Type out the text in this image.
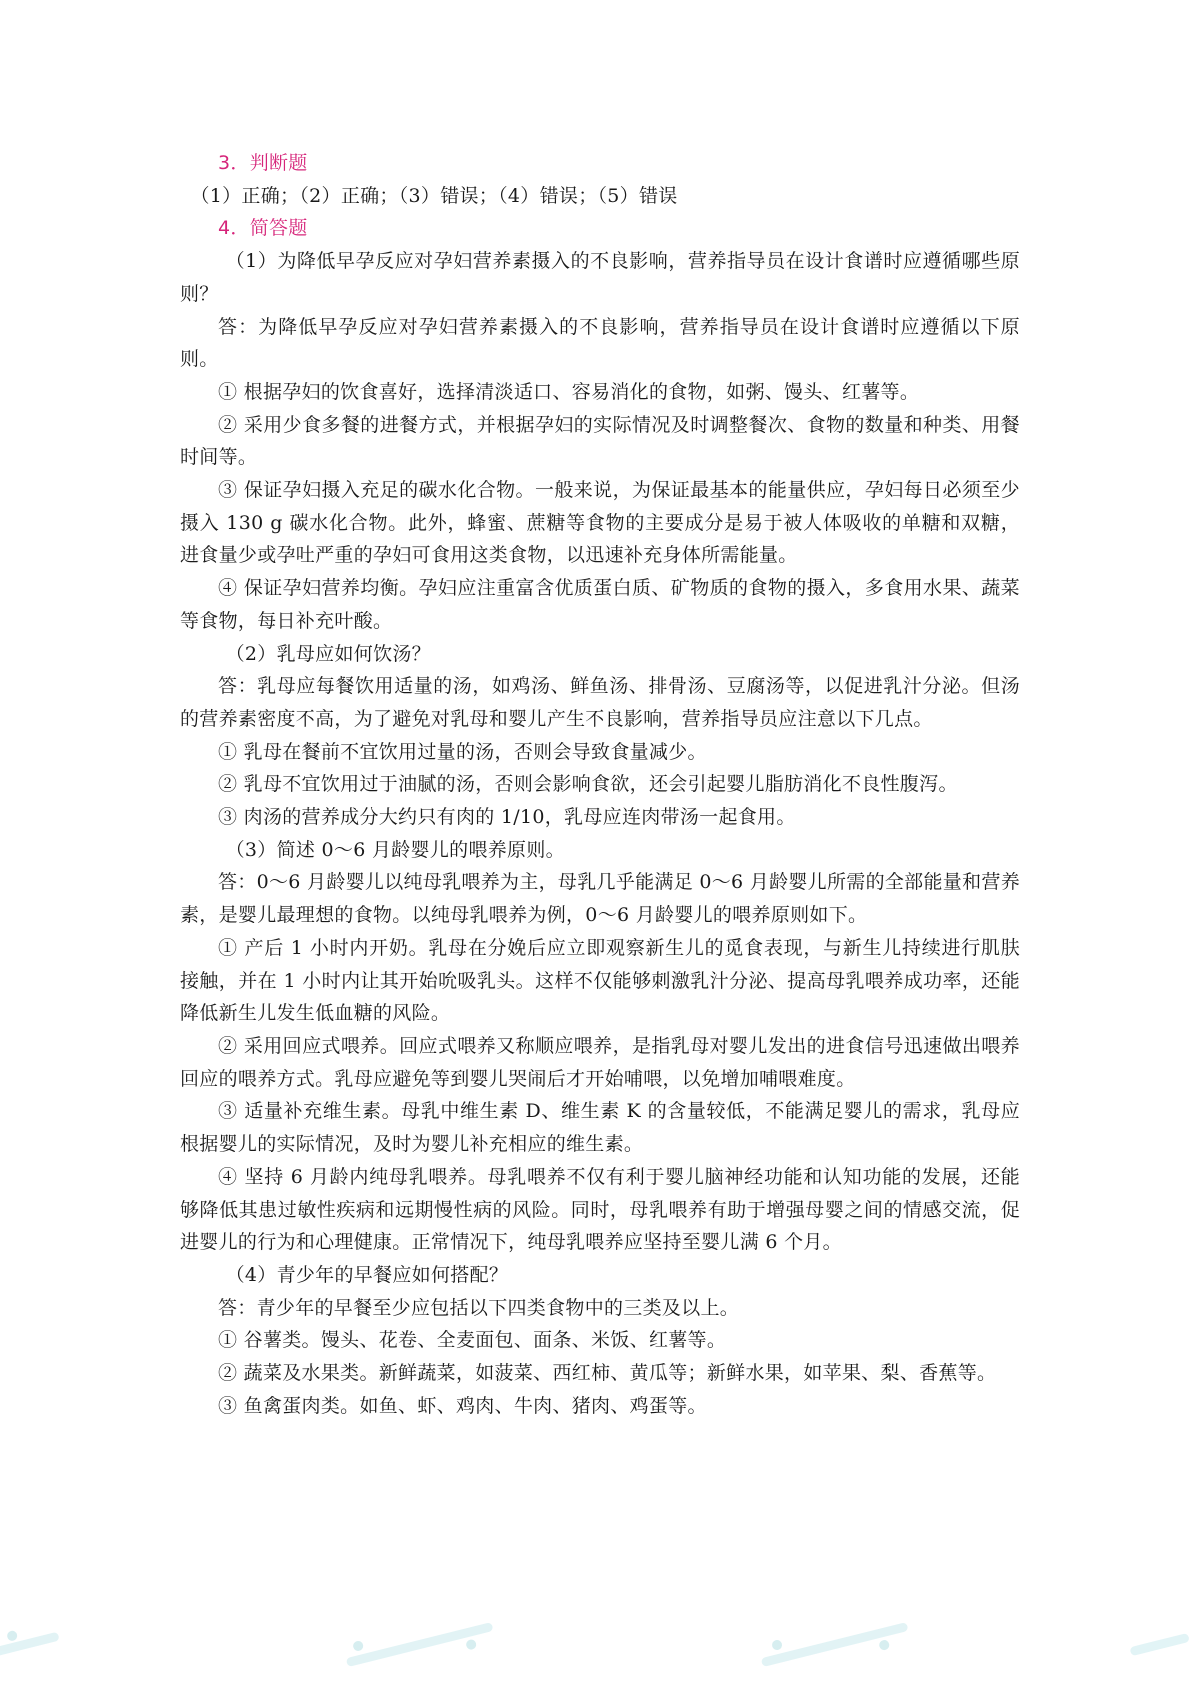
3．判断题

（1）正确；（2）正确；（3）错误；（4）错误；（5）错误

4．简答题

（1）为降低早孕反应对孕妇营养素摄入的不良影响，营养指导员在设计食谱时应遵循哪些原则？

答：为降低早孕反应对孕妇营养素摄入的不良影响，营养指导员在设计食谱时应遵循以下原则。

① 根据孕妇的饮食喜好，选择清淡适口、容易消化的食物，如粥、馒头、红薯等。

② 采用少食多餐的进餐方式，并根据孕妇的实际情况及时调整餐次、食物的数量和种类、用餐时间等。

③ 保证孕妇摄入充足的碳水化合物。一般来说，为保证最基本的能量供应，孕妇每日必须至少摄入 130 g 碳水化合物。此外，蜂蜜、蔗糖等食物的主要成分是易于被人体吸收的单糖和双糖，进食量少或孕吐严重的孕妇可食用这类食物，以迅速补充身体所需能量。

④ 保证孕妇营养均衡。孕妇应注重富含优质蛋白质、矿物质的食物的摄入，多食用水果、蔬菜等食物，每日补充叶酸。

（2）乳母应如何饮汤？

答：乳母应每餐饮用适量的汤，如鸡汤、鲜鱼汤、排骨汤、豆腐汤等，以促进乳汁分泌。但汤的营养素密度不高，为了避免对乳母和婴儿产生不良影响，营养指导员应注意以下几点。

① 乳母在餐前不宜饮用过量的汤，否则会导致食量减少。

② 乳母不宜饮用过于油腻的汤，否则会影响食欲，还会引起婴儿脂肪消化不良性腹泻。

③ 肉汤的营养成分大约只有肉的 1/10，乳母应连肉带汤一起食用。

（3）简述 0～6 月龄婴儿的喂养原则。

答：0～6 月龄婴儿以纯母乳喂养为主，母乳几乎能满足 0～6 月龄婴儿所需的全部能量和营养素，是婴儿最理想的食物。以纯母乳喂养为例，0～6 月龄婴儿的喂养原则如下。

① 产后 1 小时内开奶。乳母在分娩后应立即观察新生儿的觅食表现，与新生儿持续进行肌肤接触，并在 1 小时内让其开始吮吸乳头。这样不仅能够刺激乳汁分泌、提高母乳喂养成功率，还能降低新生儿发生低血糖的风险。

② 采用回应式喂养。回应式喂养又称顺应喂养，是指乳母对婴儿发出的进食信号迅速做出喂养回应的喂养方式。乳母应避免等到婴儿哭闹后才开始哺喂，以免增加哺喂难度。

③ 适量补充维生素。母乳中维生素 D、维生素 K 的含量较低，不能满足婴儿的需求，乳母应根据婴儿的实际情况，及时为婴儿补充相应的维生素。

④ 坚持 6 月龄内纯母乳喂养。母乳喂养不仅有利于婴儿脑神经功能和认知功能的发展，还能够降低其患过敏性疾病和远期慢性病的风险。同时，母乳喂养有助于增强母婴之间的情感交流，促进婴儿的行为和心理健康。正常情况下，纯母乳喂养应坚持至婴儿满 6 个月。

（4）青少年的早餐应如何搭配？

答：青少年的早餐至少应包括以下四类食物中的三类及以上。

① 谷薯类。馒头、花卷、全麦面包、面条、米饭、红薯等。

② 蔬菜及水果类。新鲜蔬菜，如菠菜、西红柿、黄瓜等；新鲜水果，如苹果、梨、香蕉等。

③ 鱼禽蛋肉类。如鱼、虾、鸡肉、牛肉、猪肉、鸡蛋等。
